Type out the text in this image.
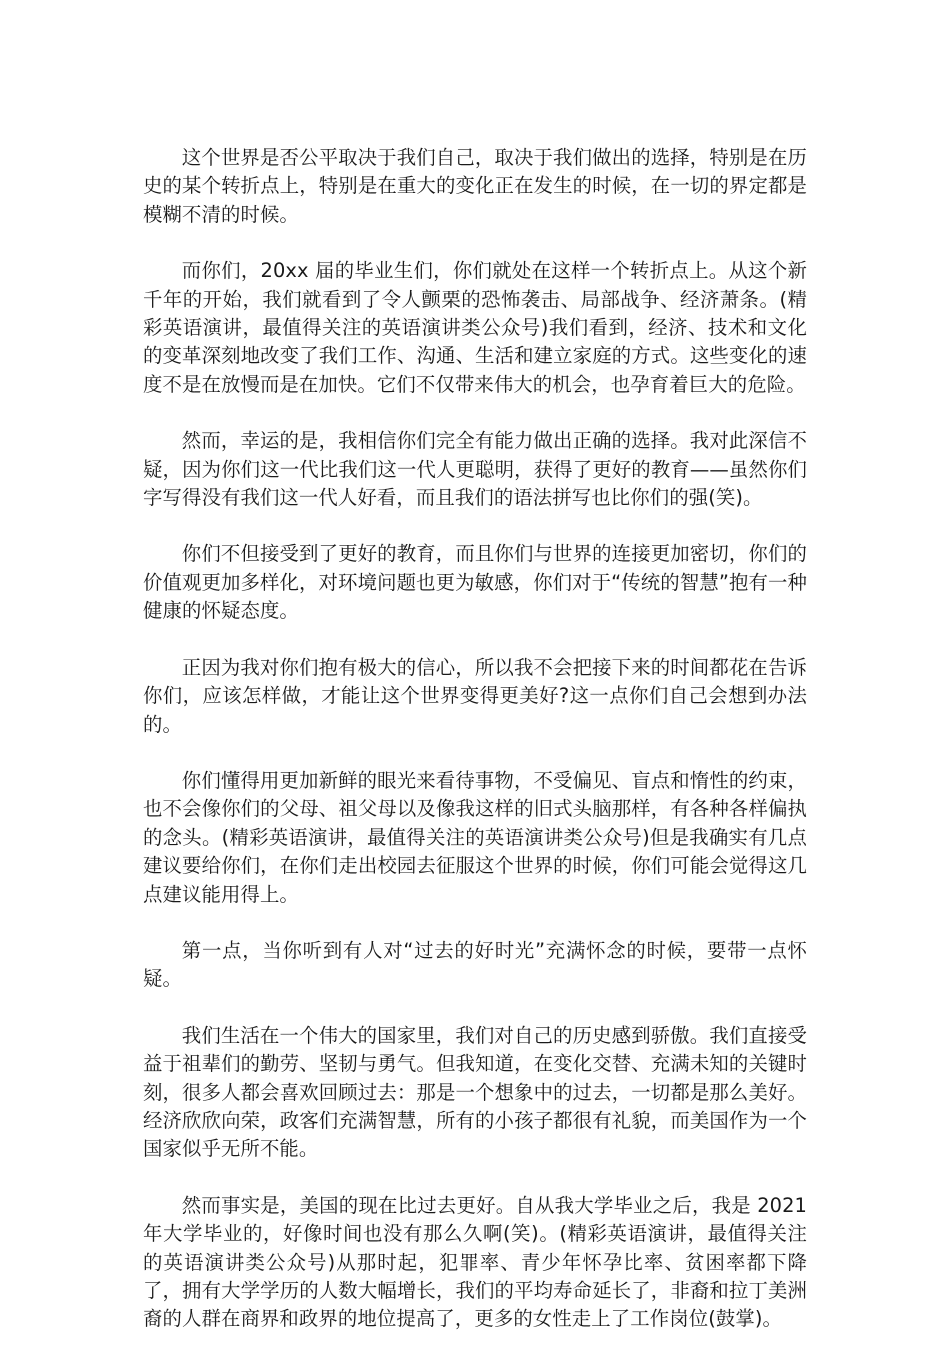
这个世界是否公平取决于我们自己，取决于我们做出的选择，特别是在历史的某个转折点上，特别是在重大的变化正在发生的时候，在一切的界定都是模糊不清的时候。

而你们，20xx 届的毕业生们，你们就处在这样一个转折点上。从这个新千年的开始，我们就看到了令人颤栗的恐怖袭击、局部战争、经济萧条。(精彩英语演讲，最值得关注的英语演讲类公众号)我们看到，经济、技术和文化的变革深刻地改变了我们工作、沟通、生活和建立家庭的方式。这些变化的速度不是在放慢而是在加快。它们不仅带来伟大的机会，也孕育着巨大的危险。

然而，幸运的是，我相信你们完全有能力做出正确的选择。我对此深信不疑，因为你们这一代比我们这一代人更聪明，获得了更好的教育——虽然你们字写得没有我们这一代人好看，而且我们的语法拼写也比你们的强(笑)。

你们不但接受到了更好的教育，而且你们与世界的连接更加密切，你们的价值观更加多样化，对环境问题也更为敏感，你们对于“传统的智慧”抱有一种健康的怀疑态度。

正因为我对你们抱有极大的信心，所以我不会把接下来的时间都花在告诉你们，应该怎样做，才能让这个世界变得更美好?这一点你们自己会想到办法的。

你们懂得用更加新鲜的眼光来看待事物，不受偏见、盲点和惰性的约束，也不会像你们的父母、祖父母以及像我这样的旧式头脑那样，有各种各样偏执的念头。(精彩英语演讲，最值得关注的英语演讲类公众号)但是我确实有几点建议要给你们，在你们走出校园去征服这个世界的时候，你们可能会觉得这几点建议能用得上。

第一点，当你听到有人对“过去的好时光”充满怀念的时候，要带一点怀疑。

我们生活在一个伟大的国家里，我们对自己的历史感到骄傲。我们直接受益于祖辈们的勤劳、坚韧与勇气。但我知道，在变化交替、充满未知的关键时刻，很多人都会喜欢回顾过去：那是一个想象中的过去，一切都是那么美好。经济欣欣向荣，政客们充满智慧，所有的小孩子都很有礼貌，而美国作为一个国家似乎无所不能。

然而事实是，美国的现在比过去更好。自从我大学毕业之后，我是 2021 年大学毕业的，好像时间也没有那么久啊(笑)。(精彩英语演讲，最值得关注的英语演讲类公众号)从那时起，犯罪率、青少年怀孕比率、贫困率都下降了，拥有大学学历的人数大幅增长，我们的平均寿命延长了，非裔和拉丁美洲裔的人群在商界和政界的地位提高了，更多的女性走上了工作岗位(鼓掌)。
